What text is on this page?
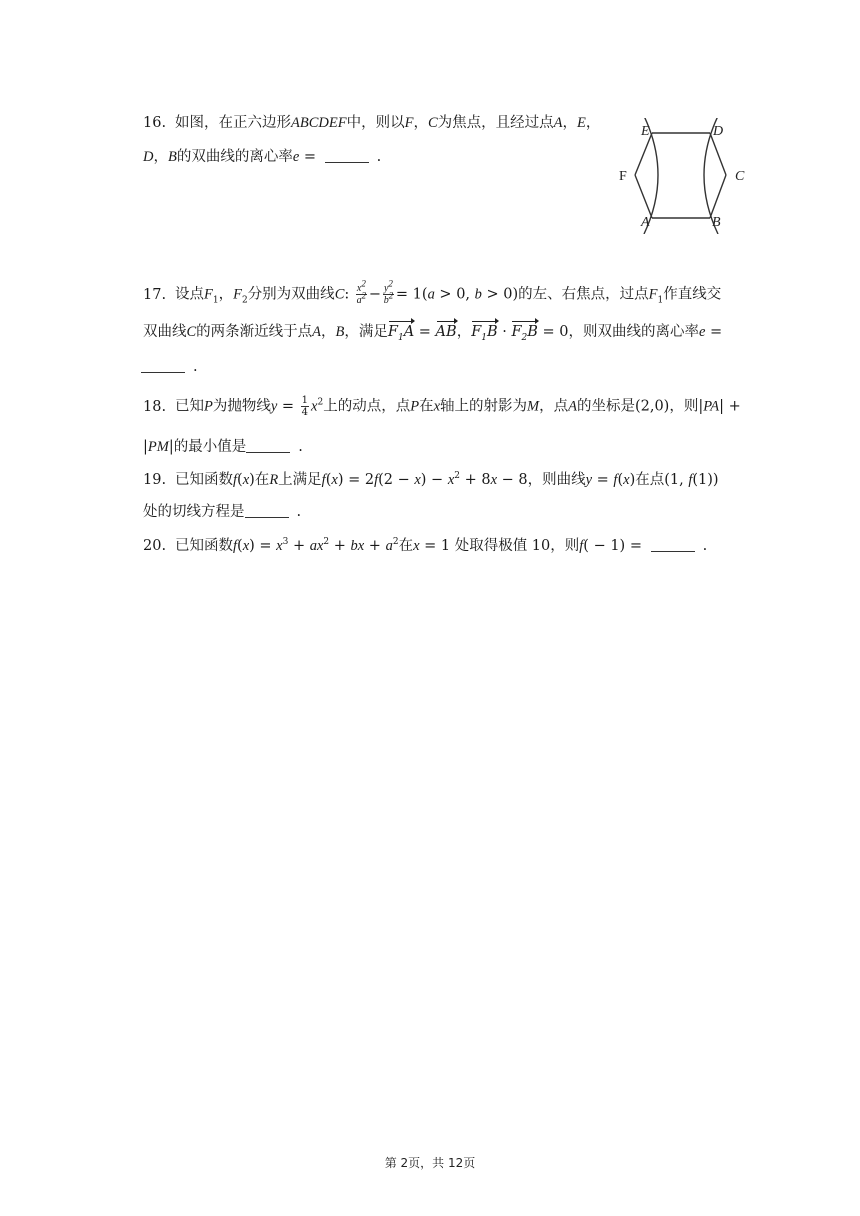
16. 如图，在正六边形ABCDEF中，则以F，C为焦点，且经过点A，E，
D，B的双曲线的离心率e =	.
E	D
F	C
A	B
17. 设点$F_1$，$F_2$分别为双曲线C: $\frac{x^2}{a^2} - \frac{y^2}{b^2} = 1(a > 0$, b > 0)的左、右焦点，过点$F_1$作直线交
双曲线C的两条渐近线于点A，B，满足$F_1A$ = AB，$F_1B \cdot F_2B = 0$，则双曲线的离心率e =
.
18. 已知P为抛物线$y = \frac{1}{4} x^2$上的动点，点P在x轴上的射影为M，点A的坐标是(2,0)，则|PA| +
|PM|的最小值是	.
19. 已知函数f(x)在R上满足$f(x) = 2f(2 - x) - x^2 + 8x - 8$，则曲线y = f(x)在点(1, f(1))
处的切线方程是	.
20. 已知函数$f(x) = x^3 + ax^2$ + bx + $a^2$在x = 1 处取得极值 10，则f( − 1) =	.
第 2页，共 12页
